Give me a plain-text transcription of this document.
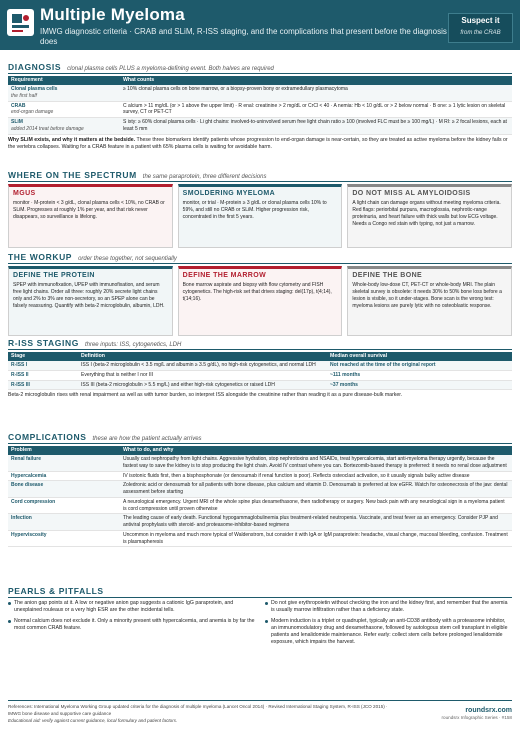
Multiple Myeloma
IMWG diagnostic criteria · CRAB and SLiM, R-ISS staging, and the complications that present before the diagnosis does
Suspect it
from the CRAB
DIAGNOSIS clonal plasma cells PLUS a myeloma-defining event. Both halves are required
Requirement	What counts
Clonal plasma cells
the first half	≥ 10% clonal plasma cells on bone marrow, or a biopsy-proven bony or extramedullary plasmacytoma
CRAB
end-organ damage	C alcium > 11 mg/dL (or > 1 above the upper limit) · R enal: creatinine > 2 mg/dL or CrCl < 40 · A nemia: Hb < 10 g/dL or > 2 below normal · B one: ≥ 1 lytic lesion on skeletal survey, CT or PET-CT
SLiM
added 2014 treat before damage	S ixty: ≥ 60% clonal plasma cells · Li ght chains: involved-to-uninvolved serum free light chain ratio ≥ 100 (involved FLC must be ≥ 100 mg/L) · M RI: ≥ 2 focal lesions, each at least 5 mm
Why SLiM exists, and why it matters at the bedside. These three biomarkers identify patients whose progression to end-organ damage is near-certain, so they are treated as active myeloma before the kidney fails or the vertebra collapses. Waiting for a CRAB feature in a patient with 65% plasma cells is waiting for avoidable harm.
WHERE ON THE SPECTRUM the same paraprotein, three different decisions
MGUS
monitor · M-protein < 3 g/dL, clonal plasma cells < 10%, no CRAB or SLiM. Progresses at roughly 1% per year, and that risk never disappears, so surveillance is lifelong.
SMOLDERING MYELOMA
monitor, or trial · M-protein ≥ 3 g/dL or clonal plasma cells 10% to 59%, and still no CRAB or SLiM. Higher progression risk, concentrated in the first 5 years.
DO NOT MISS AL AMYLOIDOSIS
A light chain can damage organs without meeting myeloma criteria. Red flags: periorbital purpura, macroglossia, nephrotic-range proteinuria, and heart failure with thick walls but low ECG voltage. Needs a Congo red stain with typing, not just a marrow.
THE WORKUP order these together, not sequentially
DEFINE THE PROTEIN
SPEP with immunofixation, UPEP with immunofixation, and serum free light chains. Order all three: roughly 20% secrete light chains only and 2% to 3% are non-secretory, so an SPEP alone can be falsely reassuring. Quantify with beta-2 microglobulin, albumin, LDH.
DEFINE THE MARROW
Bone marrow aspirate and biopsy with flow cytometry and FISH cytogenetics. The high-risk set that drives staging: del(17p), t(4;14), t(14;16).
DEFINE THE BONE
Whole-body low-dose CT, PET-CT or whole-body MRI. The plain skeletal survey is obsolete: it needs 30% to 50% bone loss before a lesion is visible, so it under-stages. Bone scan is the wrong test: myeloma lesions are purely lytic with no osteoblastic response.
R-ISS STAGING three inputs: ISS, cytogenetics, LDH
Stage	Definition	Median overall survival
R-ISS I	ISS I (beta-2 microglobulin < 3.5 mg/L and albumin ≥ 3.5 g/dL), no high-risk cytogenetics, and normal LDH	Not reached at the time of the original report
R-ISS II	Everything that is neither I nor III	~111 months
R-ISS III	ISS III (beta-2 microglobulin > 5.5 mg/L) and either high-risk cytogenetics or raised LDH	~37 months
Beta-2 microglobulin rises with renal impairment as well as with tumor burden, so interpret ISS alongside the creatinine rather than reading it as a pure disease-bulk marker.
COMPLICATIONS these are how the patient actually arrives
Problem	What to do, and why
Renal failure	Usually cast nephropathy from light chains. Aggressive hydration, stop nephrotoxins and NSAIDs, treat hypercalcemia, start anti-myeloma therapy urgently, because the fastest way to save the kidney is to stop producing the light chain. Avoid IV contrast where you can. Bortezomib-based therapy is preferred: it needs no renal dose adjustment
Hypercalcemia	IV isotonic fluids first, then a bisphosphonate (or denosumab if renal function is poor). Reflects osteoclast activation, so it usually signals bulky active disease
Bone disease	Zoledronic acid or denosumab for all patients with bone disease, plus calcium and vitamin D. Denosumab is preferred at low eGFR. Watch for osteonecrosis of the jaw: dental assessment before starting
Cord compression	A neurological emergency. Urgent MRI of the whole spine plus dexamethasone, then radiotherapy or surgery. New back pain with any neurological sign in a myeloma patient is cord compression until proven otherwise
Infection	The leading cause of early death. Functional hypogammaglobulinemia plus treatment-related neutropenia. Vaccinate, and treat fever as an emergency. Consider PJP and antiviral prophylaxis with steroid- and proteasome-inhibitor-based regimens
Hyperviscosity	Uncommon in myeloma and much more typical of Waldenstrom, but consider it with IgA or IgM paraprotein: headache, visual change, mucosal bleeding, confusion. Treatment is plasmapheresis
PEARLS & PITFALLS
The anion gap points at it. A low or negative anion gap suggests a cationic IgG paraprotein, and unexplained rouleaux or a very high ESR are the other incidental tells.
Normal calcium does not exclude it. Only a minority present with hypercalcemia, and anemia is by far the most common CRAB feature.
Do not give erythropoietin without checking the iron and the kidney first, and remember that the anemia is usually marrow infiltration rather than a deficiency state.
Modern induction is a triplet or quadruplet, typically an anti-CD38 antibody with a proteasome inhibitor, an immunomodulatory drug and dexamethasone, followed by autologous stem cell transplant in eligible patients and lenalidomide maintenance. Refer early: collect stem cells before prolonged lenalidomide exposure, which impairs the harvest.
References: International Myeloma Working Group updated criteria for the diagnosis of multiple myeloma (Lancet Oncol 2014) · Revised International Staging System, R-ISS (JCO 2015) · IMWG bone disease and supportive care guidance
Educational aid: verify against current guidance, local formulary and patient factors.
roundsrx.com
roundsrx Infographic Series · #158
